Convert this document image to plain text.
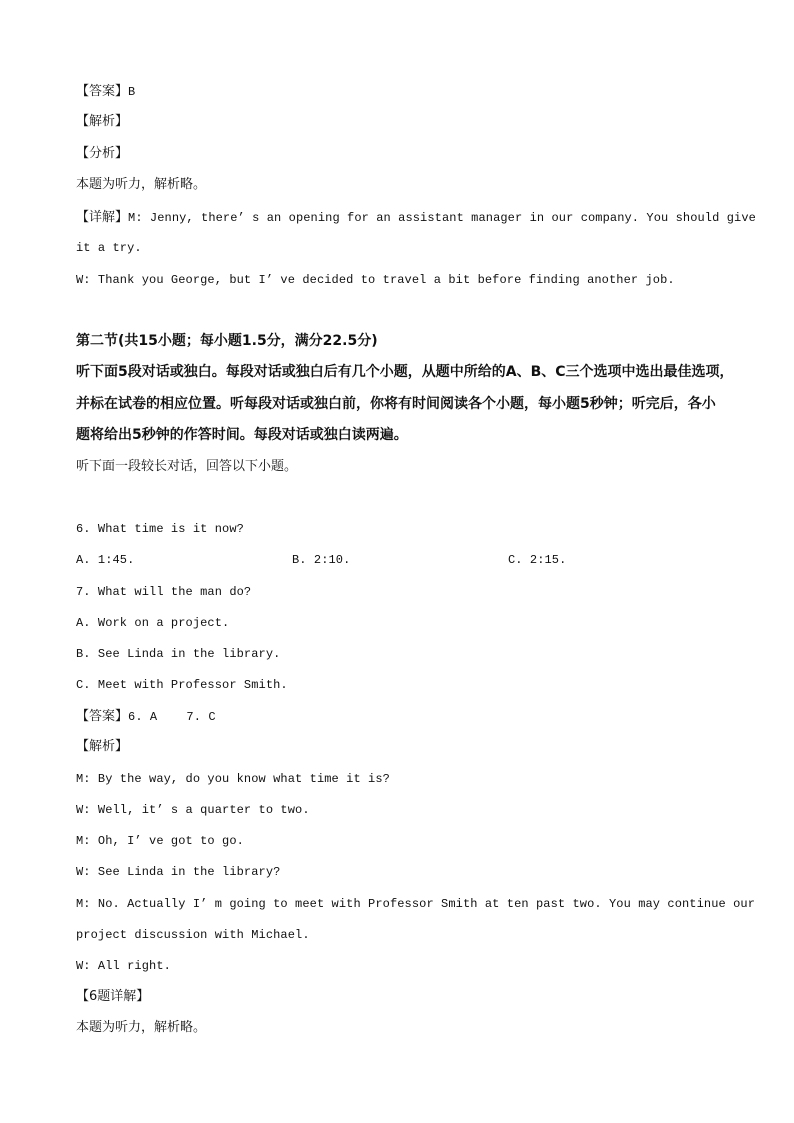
【答案】B
【解析】
【分析】
本题为听力，解析略。
【详解】M: Jenny, there’ s an opening for an assistant manager in our company. You should give
it a try.
W: Thank you George, but I’ ve decided to travel a bit before finding another job.
第二节(共15小题；每小题1.5分，满分22.5分)
听下面5段对话或独白。每段对话或独白后有几个小题，从题中所给的A、B、C三个选项中选出最佳选项，
并标在试卷的相应位置。听每段对话或独白前，你将有时间阅读各个小题，每小题5秒钟；听完后，各小
题将给出5秒钟的作答时间。每段对话或独白读两遍。
听下面一段较长对话，回答以下小题。
6. What time is it now?
A. 1:45.	B. 2:10.	C. 2:15.
7. What will the man do?
A. Work on a project.
B. See Linda in the library.
C. Meet with Professor Smith.
【答案】6. A    7. C
【解析】
M: By the way, do you know what time it is?
W: Well, it’ s a quarter to two.
M: Oh, I’ ve got to go.
W: See Linda in the library?
M: No. Actually I’ m going to meet with Professor Smith at ten past two. You may continue our
project discussion with Michael.
W: All right.
【6题详解】
本题为听力，解析略。
